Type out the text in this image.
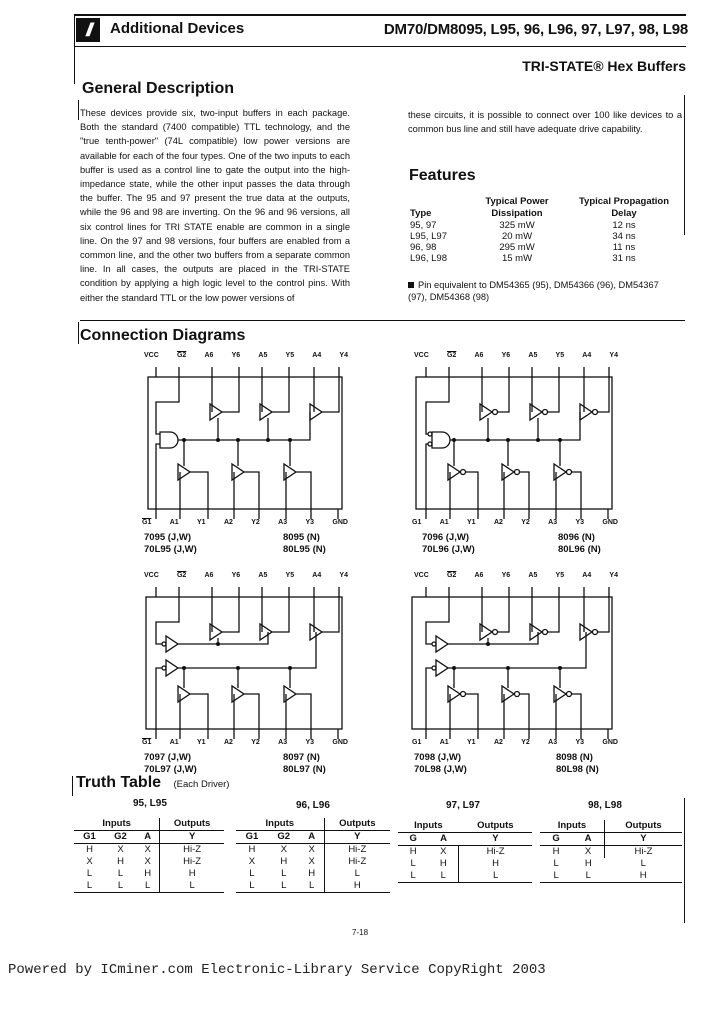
//	Additional Devices	DM70/DM8095, L95, 96, L96, 97, L97, 98, L98
TRI-STATE® Hex Buffers
General Description
These devices provide six, two-input buffers in each package. Both the standard (7400 compatible) TTL technology, and the "true tenth-power" (74L compatible) low power versions are available for each of the four types. One of the two inputs to each buffer is used as a control line to gate the output into the high-impedance state, while the other input passes the data through the buffer. The 95 and 97 present the true data at the outputs, while the 96 and 98 are inverting. On the 96 and 96 versions, all six control lines for TRI STATE enable are common in a single line. On the 97 and 98 versions, four buffers are enabled from a common line, and the other two buffers from a separate common line. In all cases, the outputs are placed in the TRI-STATE condition by applying a high logic level to the control pins. With either the standard TTL or the low power versions of
these circuits, it is possible to connect over 100 like devices to a common bus line and still have adequate drive capability.
Features
Type	Typical Power Dissipation	Typical Propagation Delay
95, 97	325 mW	12 ns
L95, L97	20 mW	34 ns
96, 98	295 mW	11 ns
L96, L98	15 mW	31 ns
Pin equivalent to DM54365 (95), DM54366 (96), DM54367 (97), DM54368 (98)
Connection Diagrams
VCC	G2	A6	Y6	A5	Y5	A4	Y4
G1	A1	Y1	A2	Y2	A3	Y3	GND
7095 (J,W)
70L95 (J,W)
8095 (N)
80L95 (N)
VCC	G2	A6	Y6	A5	Y5	A4	Y4
G1	A1	Y1	A2	Y2	A3	Y3	GND
7096 (J,W)
70L96 (J,W)
8096 (N)
80L96 (N)
VCC	G2	A6	Y6	A5	Y5	A4	Y4
G1	A1	Y1	A2	Y2	A3	Y3	GND
7097 (J,W)
70L97 (J,W)
8097 (N)
80L97 (N)
VCC	G2	A6	Y6	A5	Y5	A4	Y4
G1	A1	Y1	A2	Y2	A3	Y3	GND
7098 (J,W)
70L98 (J,W)
8098 (N)
80L98 (N)
Truth Table (Each Driver)
95, L95
Inputs			Outputs
G1	G2	A	Y
H	X	X	Hi-Z
X	H	X	Hi-Z
L	L	H	H
L	L	L	L
96, L96
Inputs			Outputs
G1	G2	A	Y
H	X	X	Hi-Z
X	H	X	Hi-Z
L	L	H	L
L	L	L	H
97, L97
Inputs		Outputs
G	A	Y
H	X	Hi-Z
L	H	H
L	L	L
98, L98
Inputs		Outputs
G	A	Y
H	X	Hi-Z
L	H	L
L	L	H
7-18
Powered by ICminer.com Electronic-Library Service CopyRight 2003
